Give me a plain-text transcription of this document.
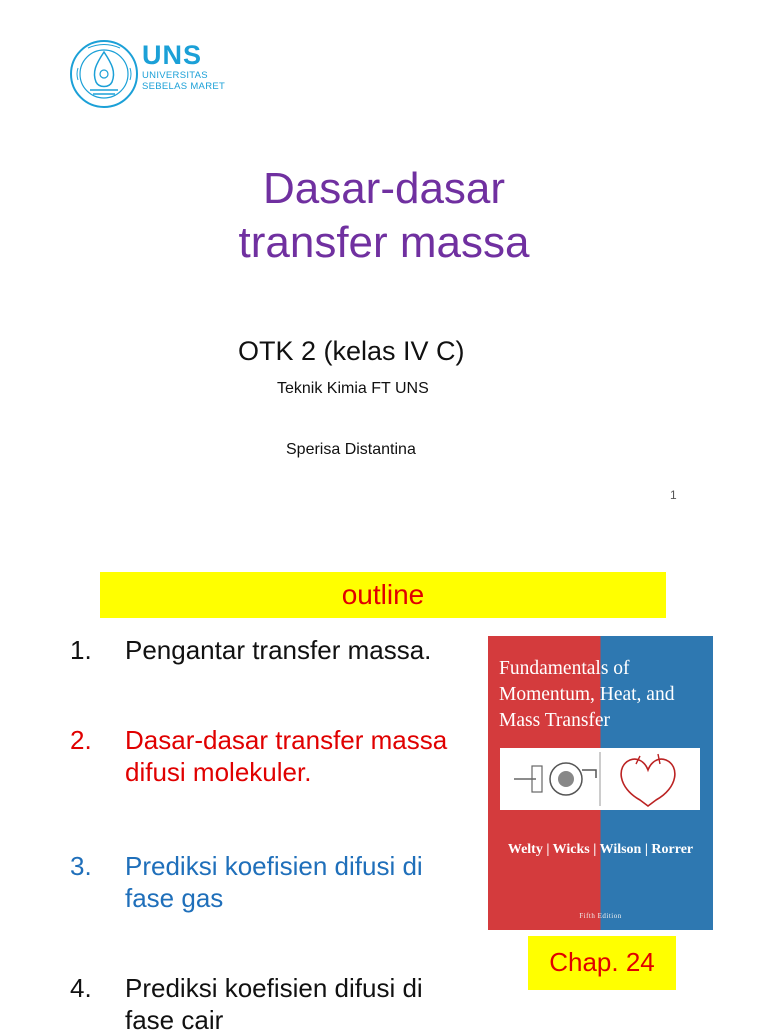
UNS
UNIVERSITAS
SEBELAS MARET
Dasar-dasar
transfer massa
OTK 2 (kelas IV C)
Teknik Kimia FT UNS
Sperisa Distantina
1
outline
1. Pengantar transfer massa.
2. Dasar-dasar transfer massa difusi molekuler.
3. Prediksi koefisien difusi di fase gas
4. Prediksi koefisien difusi di fase cair
Fundamentals of
Momentum, Heat, and
Mass Transfer
Welty | Wicks | Wilson | Rorrer
Fifth Edition
Chap. 24
